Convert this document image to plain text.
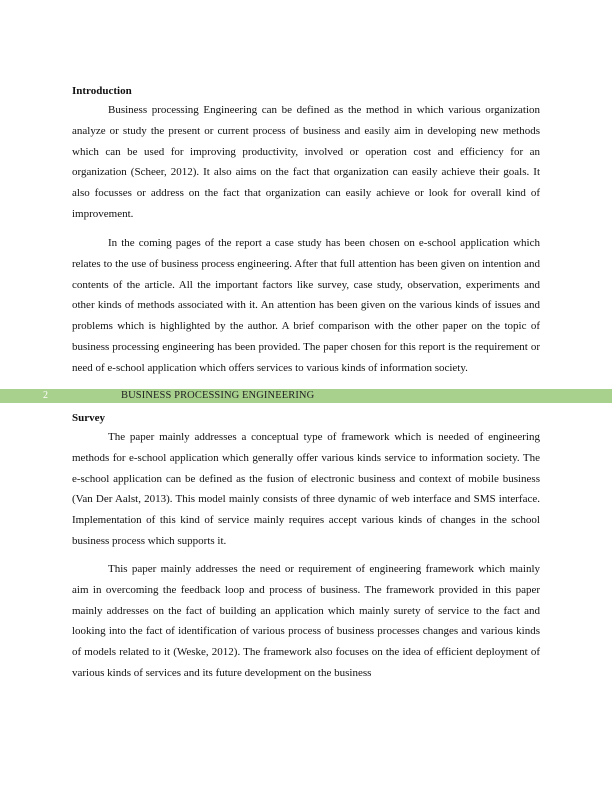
Introduction

Business processing Engineering can be defined as the method in which various organization analyze or study the present or current process of business and easily aim in developing new methods which can be used for improving productivity, involved or operation cost and efficiency for an organization (Scheer, 2012). It also aims on the fact that organization can easily achieve their goals. It also focusses or address on the fact that organization can easily achieve or look for overall kind of improvement.

In the coming pages of the report a case study has been chosen on e-school application which relates to the use of business process engineering. After that full attention has been given on intention and contents of the article. All the important factors like survey, case study, observation, experiments and other kinds of methods associated with it. An attention has been given on the various kinds of issues and problems which is highlighted by the author. A brief comparison with the other paper on the topic of business processing engineering has been provided. The paper chosen for this report is the requirement or need of e-school application which offers services to various kinds of information society.

2	BUSINESS PROCESSING ENGINEERING
Survey

The paper mainly addresses a conceptual type of framework which is needed of engineering methods for e-school application which generally offer various kinds service to information society. The e-school application can be defined as the fusion of electronic business and context of mobile business (Van Der Aalst, 2013). This model mainly consists of three dynamic of web interface and SMS interface. Implementation of this kind of service mainly requires accept various kinds of changes in the school business process which supports it.

This paper mainly addresses the need or requirement of engineering framework which mainly aim in overcoming the feedback loop and process of business. The framework provided in this paper mainly addresses on the fact of building an application which mainly surety of service to the fact and looking into the fact of identification of various process of business processes changes and various kinds of models related to it (Weske, 2012). The framework also focuses on the idea of efficient deployment of various kinds of services and its future development on the business
